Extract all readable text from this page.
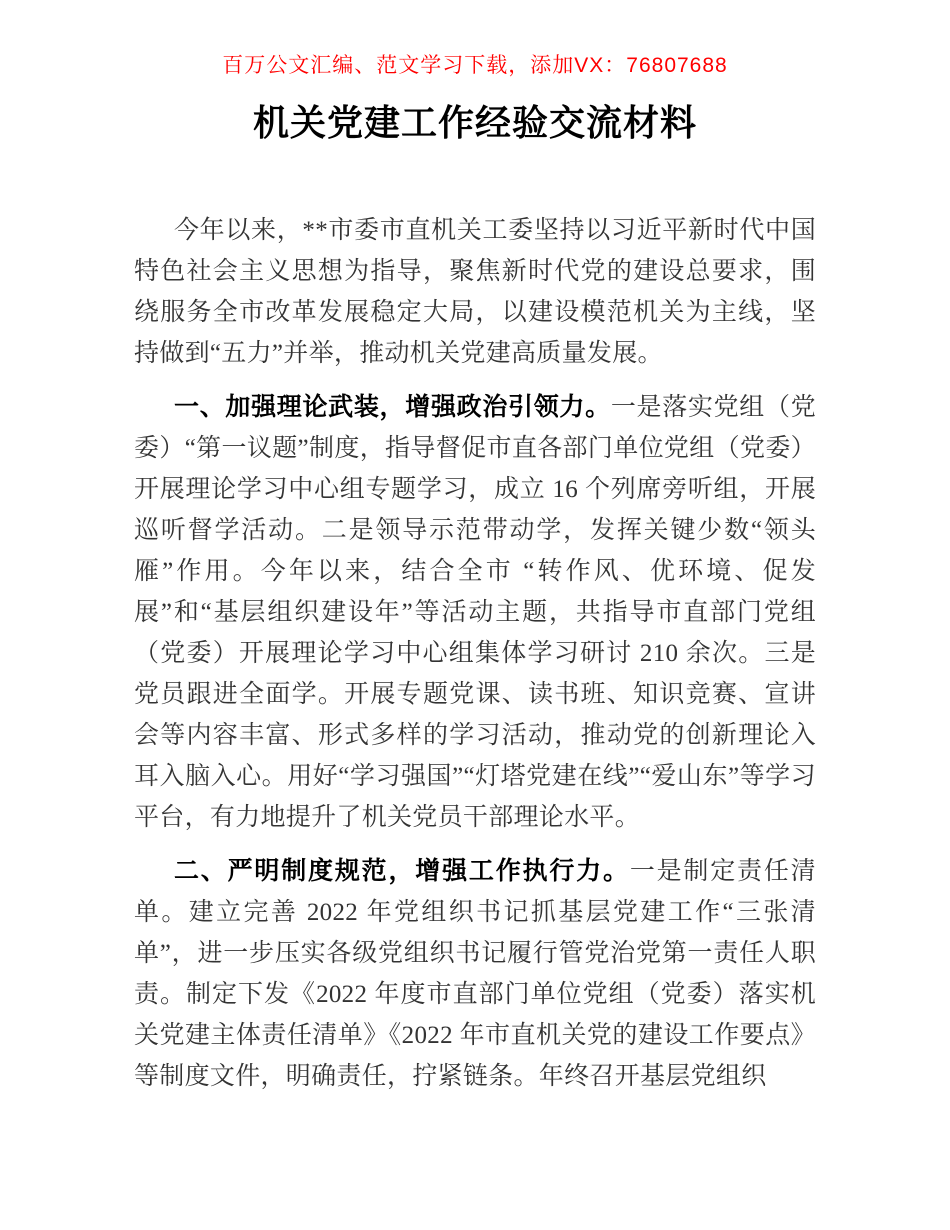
百万公文汇编、范文学习下载，添加VX：76807688
机关党建工作经验交流材料

今年以来，**市委市直机关工委坚持以习近平新时代中国特色社会主义思想为指导，聚焦新时代党的建设总要求，围绕服务全市改革发展稳定大局，以建设模范机关为主线，坚持做到“五力”并举，推动机关党建高质量发展。

一、加强理论武装，增强政治引领力。一是落实党组（党委）“第一议题”制度，指导督促市直各部门单位党组（党委）开展理论学习中心组专题学习，成立 16 个列席旁听组，开展巡听督学活动。二是领导示范带动学，发挥关键少数“领头雁”作用。今年以来，结合全市 “转作风、优环境、促发展”和“基层组织建设年”等活动主题，共指导市直部门党组（党委）开展理论学习中心组集体学习研讨 210 余次。三是党员跟进全面学。开展专题党课、读书班、知识竞赛、宣讲会等内容丰富、形式多样的学习活动，推动党的创新理论入耳入脑入心。用好“学习强国”“灯塔党建在线”“爱山东”等学习平台，有力地提升了机关党员干部理论水平。

二、严明制度规范，增强工作执行力。一是制定责任清单。建立完善 2022 年党组织书记抓基层党建工作“三张清单”，进一步压实各级党组织书记履行管党治党第一责任人职责。制定下发《2022 年度市直部门单位党组（党委）落实机关党建主体责任清单》《2022 年市直机关党的建设工作要点》等制度文件，明确责任，拧紧链条。年终召开基层党组织
